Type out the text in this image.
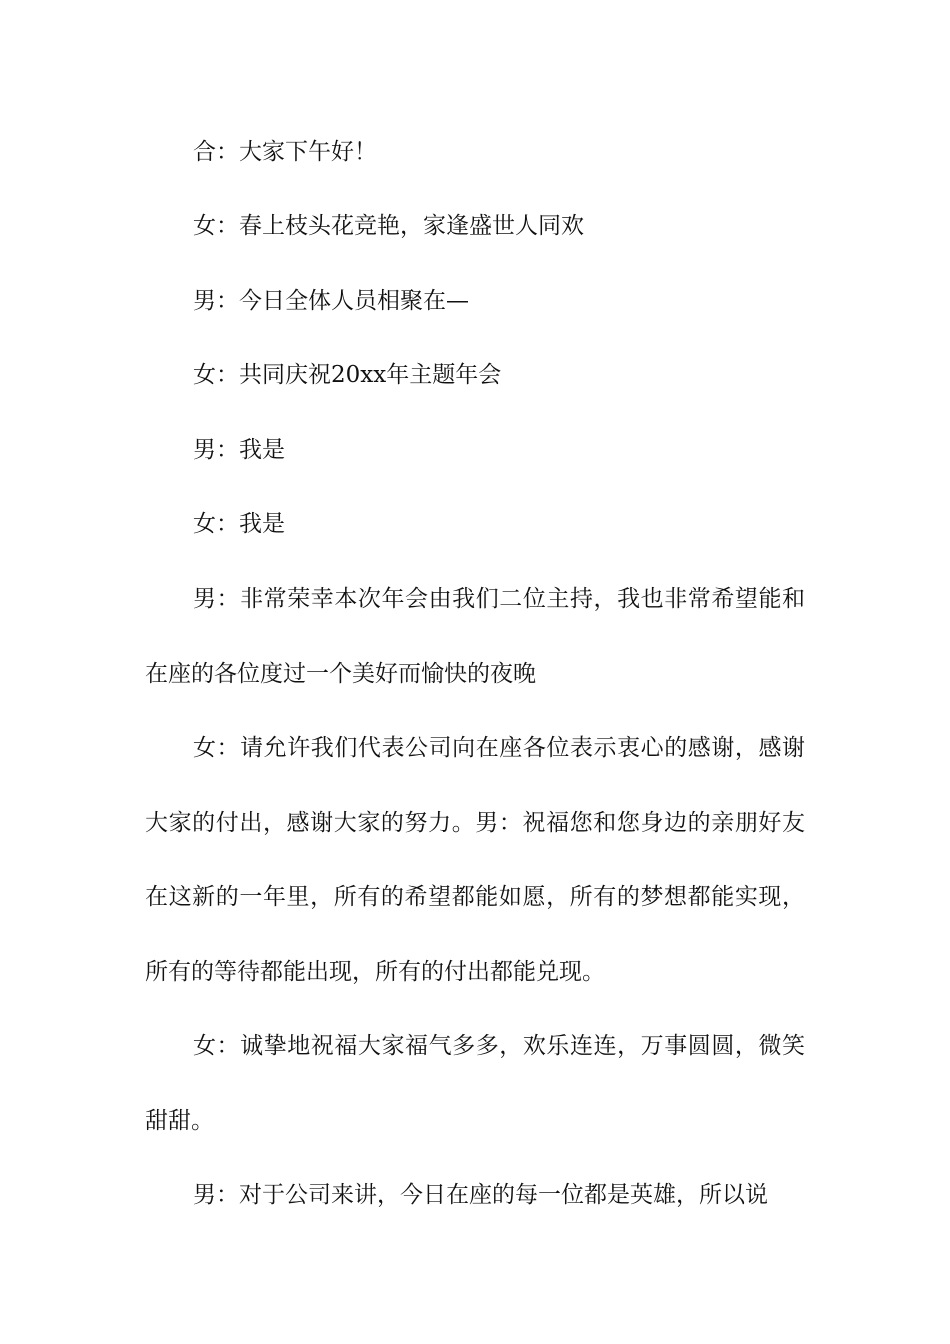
合：大家下午好！

女：春上枝头花竞艳，家逢盛世人同欢

男：今日全体人员相聚在—

女：共同庆祝20xx年主题年会

男：我是

女：我是

男：非常荣幸本次年会由我们二位主持，我也非常希望能和在座的各位度过一个美好而愉快的夜晚

女：请允许我们代表公司向在座各位表示衷心的感谢，感谢大家的付出，感谢大家的努力。男：祝福您和您身边的亲朋好友在这新的一年里，所有的希望都能如愿，所有的梦想都能实现，所有的等待都能出现，所有的付出都能兑现。

女：诚挚地祝福大家福气多多，欢乐连连，万事圆圆，微笑甜甜。

男：对于公司来讲，今日在座的每一位都是英雄，所以说
